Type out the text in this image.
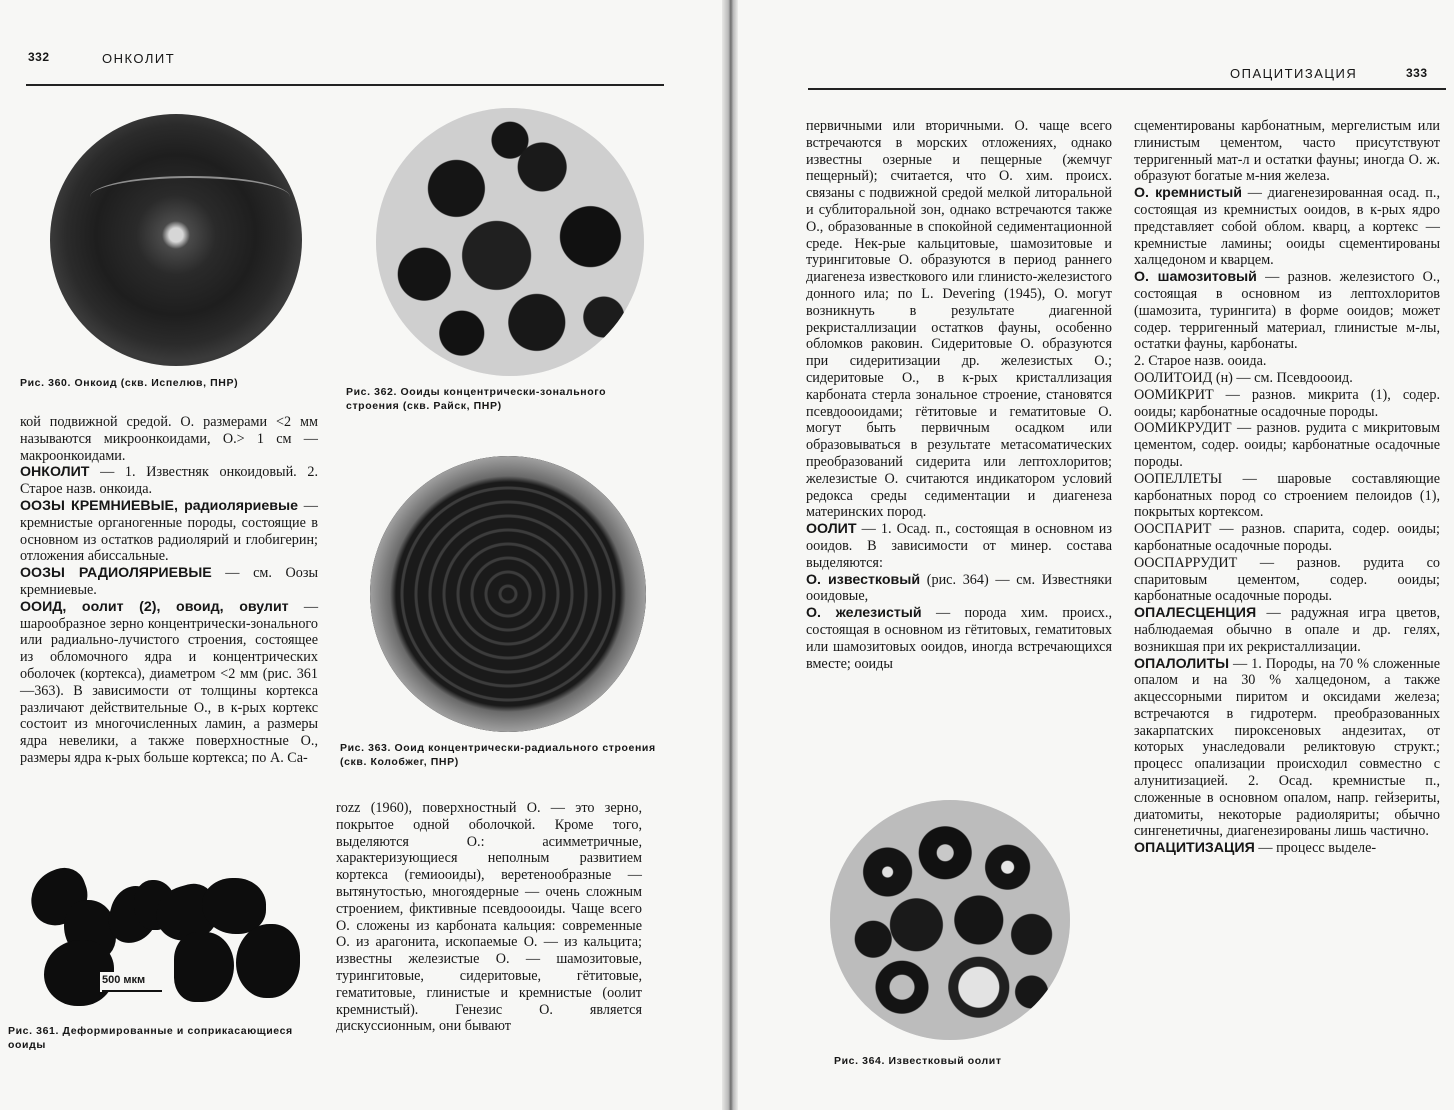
332	ОНКОЛИТ
Рис. 360. Онкоид (скв. Испелюв, ПНР)
Рис. 362. Ооиды концентрически-зонального строения (скв. Райск, ПНР)
Рис. 363. Ооид концентрически-радиального строения (скв. Колобжег, ПНР)

кой подвижной средой. О. размерами <2 мм называются микроонкоидами, О.> 1 см — макроонкоидами.

ОНКОЛИТ — 1. Известняк онкоидовый. 2. Старое назв. онкоида.

ООЗЫ КРЕМНИЕВЫЕ, радиоляриевые — кремнистые органогенные породы, состоящие в основном из остатков радиолярий и глобигерин; отложения абиссальные.

ООЗЫ РАДИОЛЯРИЕВЫЕ — см. Оозы кремниевые.

ООИД, оолит (2), овоид, овулит — шарообразное зерно концентрически-зонального или радиально-лучистого строения, состоящее из обломочного ядра и концентрических оболочек (кортекса), диаметром <2 мм (рис. 361—363). В зависимости от толщины кортекса различают действительные О., в к-рых кортекс состоит из многочисленных ламин, а размеры ядра невелики, а также поверхностные О., размеры ядра к-рых больше кортекса; по А. Ca-

500 мкм
Рис. 361. Деформированные и соприкасающиеся ооиды

rozz (1960), поверхностный О. — это зерно, покрытое одной оболочкой. Кроме того, выделяются О.: асимметричные, характеризующиеся неполным развитием кортекса (гемиооиды), веретенообразные — вытянутостью, многоядерные — очень сложным строением, фиктивные псевдоооиды. Чаще всего О. сложены из карбоната кальция: современные О. из арагонита, ископаемые О. — из кальцита; известны железистые О. — шамозитовые, турингитовые, сидеритовые, гётитовые, гематитовые, глинистые и кремнистые (оолит кремнистый). Генезис О. является дискуссионным, они бывают

ОПАЦИТИЗАЦИЯ	333

первичными или вторичными. О. чаще всего встречаются в морских отложениях, однако известны озерные и пещерные (жемчуг пещерный); считается, что О. хим. происх. связаны с подвижной средой мелкой литоральной и сублиторальной зон, однако встречаются также О., образованные в спокойной седиментационной среде. Нек-рые кальцитовые, шамозитовые и турингитовые О. образуются в период раннего диагенеза известкового или глинисто-железистого донного ила; по L. Devering (1945), О. могут возникнуть в результате диагенной рекристаллизации остатков фауны, особенно обломков раковин. Сидеритовые О. образуются при сидеритизации др. железистых О.; сидеритовые О., в к-рых кристаллизация карбоната стерла зональное строение, становятся псевдоооидами; гётитовые и гематитовые О. могут быть первичным осадком или образовываться в результате метасоматических преобразований сидерита или лептохлоритов; железистые О. считаются индикатором условий редокса среды седиментации и диагенеза материнских пород.

ООЛИТ — 1. Осад. п., состоящая в основном из ооидов. В зависимости от минер. состава выделяются:

О. известковый (рис. 364) — см. Известняки ооидовые,

О. железистый — порода хим. происх., состоящая в основном из гётитовых, гематитовых или шамозитовых ооидов, иногда встречающихся вместе; ооиды

Рис. 364. Известковый оолит

сцементированы карбонатным, мергелистым или глинистым цементом, часто присутствуют терригенный мат-л и остатки фауны; иногда О. ж. образуют богатые м-ния железа.

О. кремнистый — диагенезированная осад. п., состоящая из кремнистых ооидов, в к-рых ядро представляет собой облом. кварц, а кортекс — кремнистые ламины; ооиды сцементированы халцедоном и кварцем.

О. шамозитовый — разнов. железистого О., состоящая в основном из лептохлоритов (шамозита, турингита) в форме ооидов; может содер. терригенный материал, глинистые м-лы, остатки фауны, карбонаты.

2. Старое назв. ооида.

ООЛИТОИД (н) — см. Псевдоооид.

ООМИКРИТ — разнов. микрита (1), содер. ооиды; карбонатные осадочные породы.

ООМИКРУДИТ — разнов. рудита с микритовым цементом, содер. ооиды; карбонатные осадочные породы.

ООПЕЛЛЕТЫ — шаровые составляющие карбонатных пород со строением пелоидов (1), покрытых кортексом.

ООСПАРИТ — разнов. спарита, содер. ооиды; карбонатные осадочные породы.

ООСПАРРУДИТ — разнов. рудита со спаритовым цементом, содер. ооиды; карбонатные осадочные породы.

ОПАЛЕСЦЕНЦИЯ — радужная игра цветов, наблюдаемая обычно в опале и др. гелях, возникшая при их рекристаллизации.

ОПАЛОЛИТЫ — 1. Породы, на 70 % сложенные опалом и на 30 % халцедоном, а также акцессорными пиритом и оксидами железа; встречаются в гидротерм. преобразованных закарпатских пироксеновых андезитах, от которых унаследовали реликтовую структ.; процесс опализации происходил совместно с алунитизацией. 2. Осад. кремнистые п., сложенные в основном опалом, напр. гейзериты, диатомиты, некоторые радиоляриты; обычно сингенетичны, диагенезированы лишь частично.

ОПАЦИТИЗАЦИЯ — процесс выделе-
